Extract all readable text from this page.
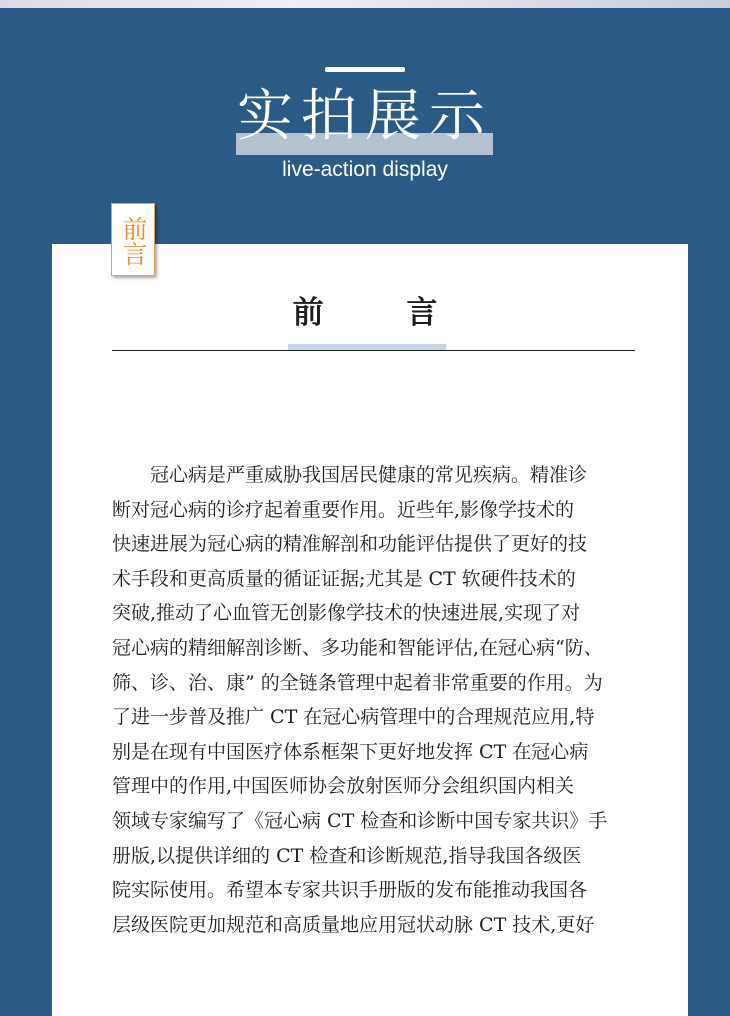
实拍展示
live-action display
前言
前 言
冠心病是严重威胁我国居民健康的常见疾病。精准诊
断对冠心病的诊疗起着重要作用。近些年,影像学技术的
快速进展为冠心病的精准解剖和功能评估提供了更好的技
术手段和更高质量的循证证据;尤其是 CT 软硬件技术的
突破,推动了心血管无创影像学技术的快速进展,实现了对
冠心病的精细解剖诊断、多功能和智能评估,在冠心病“防、
筛、诊、治、康” 的全链条管理中起着非常重要的作用。为
了进一步普及推广 CT 在冠心病管理中的合理规范应用,特
别是在现有中国医疗体系框架下更好地发挥 CT 在冠心病
管理中的作用,中国医师协会放射医师分会组织国内相关
领域专家编写了《冠心病 CT 检查和诊断中国专家共识》手
册版,以提供详细的 CT 检查和诊断规范,指导我国各级医
院实际使用。希望本专家共识手册版的发布能推动我国各
层级医院更加规范和高质量地应用冠状动脉 CT 技术,更好
